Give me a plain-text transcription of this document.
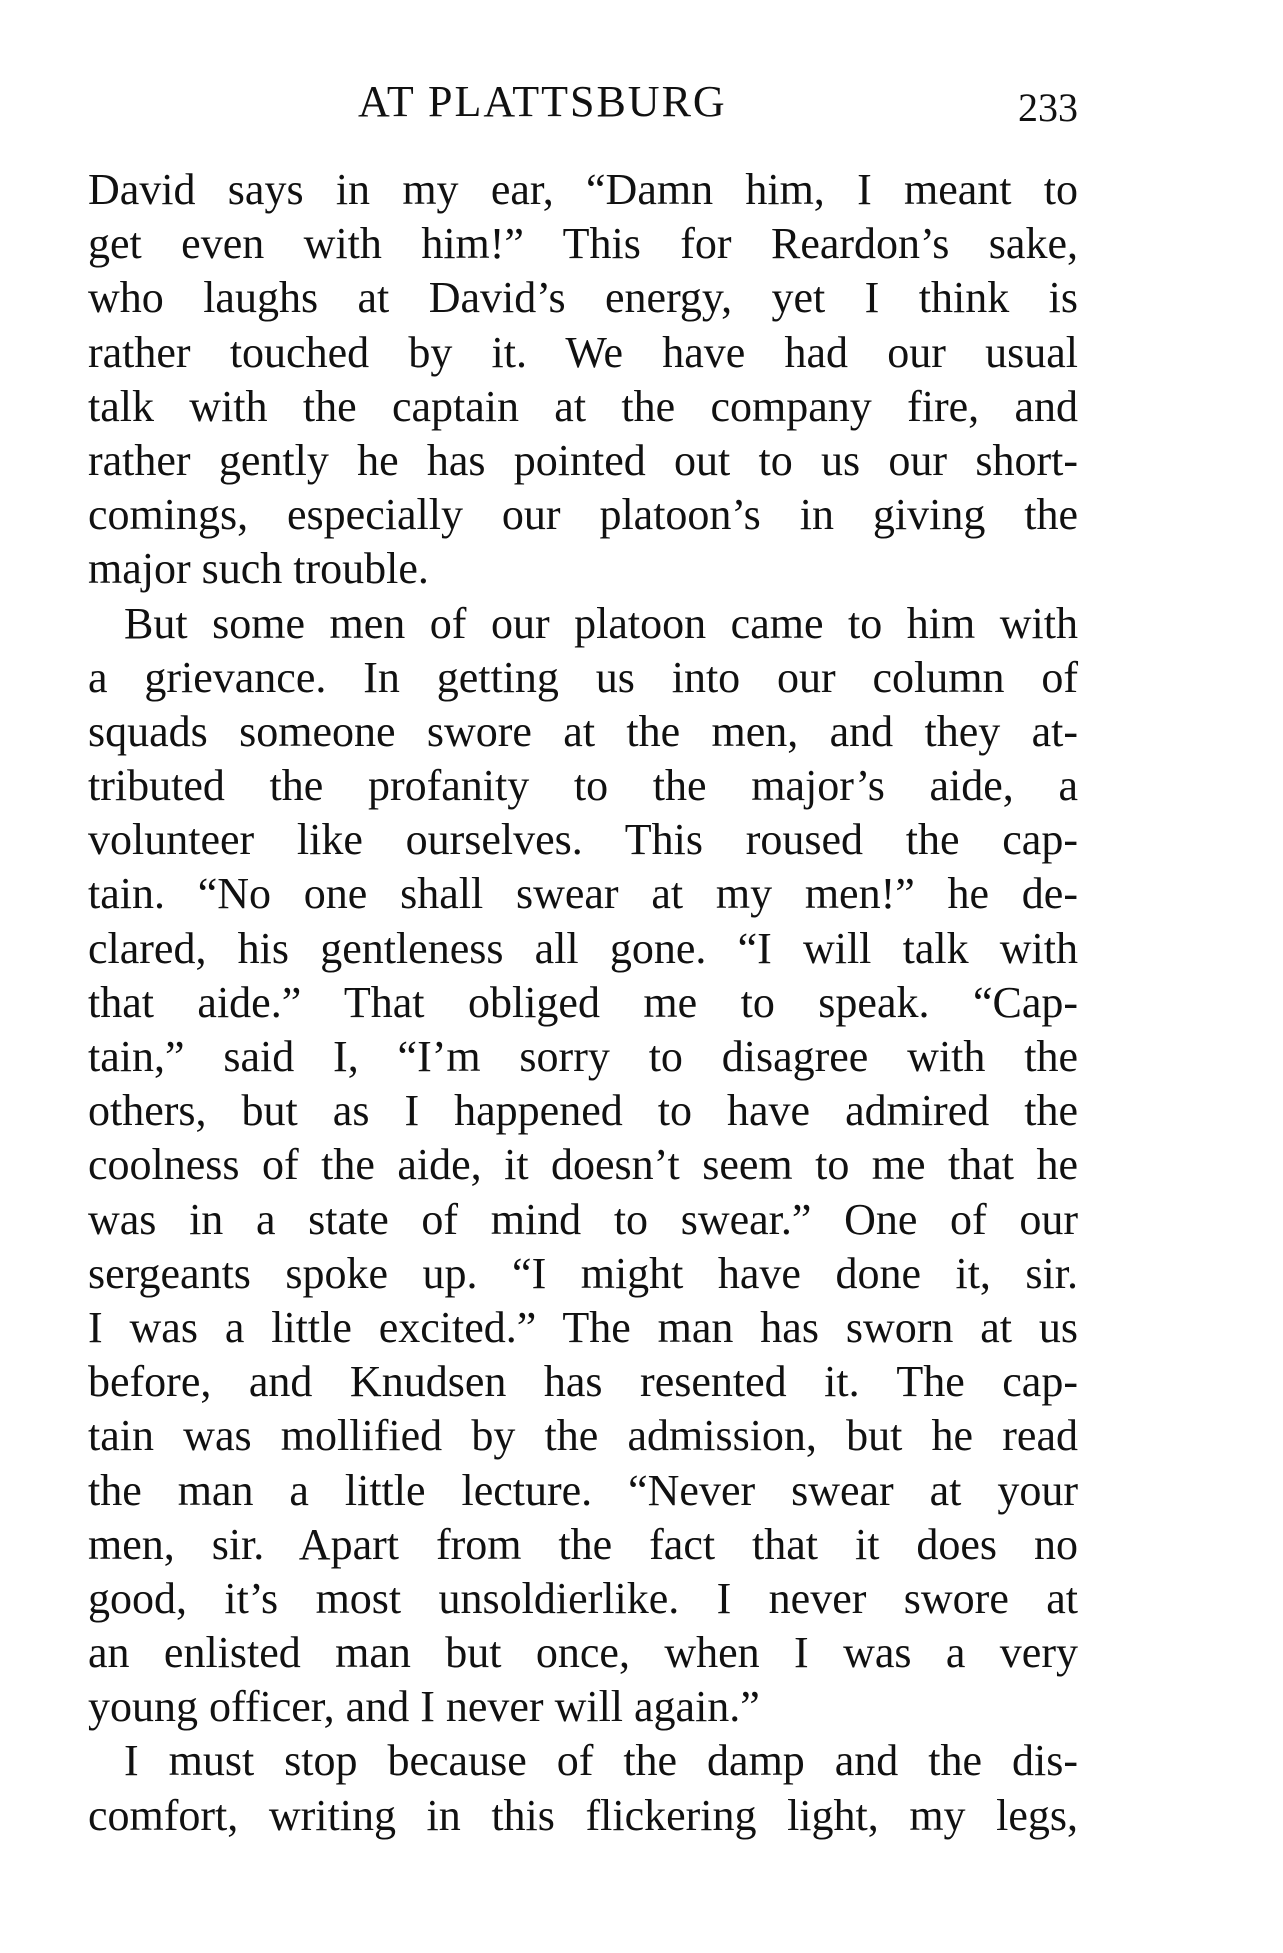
AT PLATTSBURG	233
David says in my ear, “Damn him, I meant to
get even with him!” This for Reardon’s sake,
who laughs at David’s energy, yet I think is
rather touched by it. We have had our usual
talk with the captain at the company fire, and
rather gently he has pointed out to us our short-
comings, especially our platoon’s in giving the
major such trouble.
But some men of our platoon came to him with
a grievance. In getting us into our column of
squads someone swore at the men, and they at-
tributed the profanity to the major’s aide, a
volunteer like ourselves. This roused the cap-
tain. “No one shall swear at my men!” he de-
clared, his gentleness all gone. “I will talk with
that aide.” That obliged me to speak. “Cap-
tain,” said I, “I’m sorry to disagree with the
others, but as I happened to have admired the
coolness of the aide, it doesn’t seem to me that he
was in a state of mind to swear.” One of our
sergeants spoke up. “I might have done it, sir.
I was a little excited.” The man has sworn at us
before, and Knudsen has resented it. The cap-
tain was mollified by the admission, but he read
the man a little lecture. “Never swear at your
men, sir. Apart from the fact that it does no
good, it’s most unsoldierlike. I never swore at
an enlisted man but once, when I was a very
young officer, and I never will again.”
I must stop because of the damp and the dis-
comfort, writing in this flickering light, my legs,
